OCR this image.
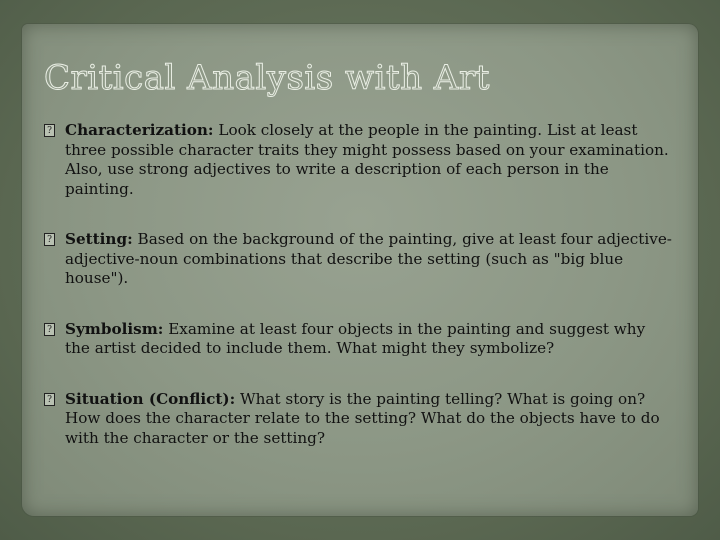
Critical Analysis with Art
? Characterization: Look closely at the people in the painting. List at least three possible character traits they might possess based on your examination. Also, use strong adjectives to write a description of each person in the painting.
? Setting: Based on the background of the painting, give at least four adjective-adjective-noun combinations that describe the setting (such as "big blue house").
? Symbolism: Examine at least four objects in the painting and suggest why the artist decided to include them. What might they symbolize?
? Situation (Conflict): What story is the painting telling? What is going on? How does the character relate to the setting? What do the objects have to do with the character or the setting?
